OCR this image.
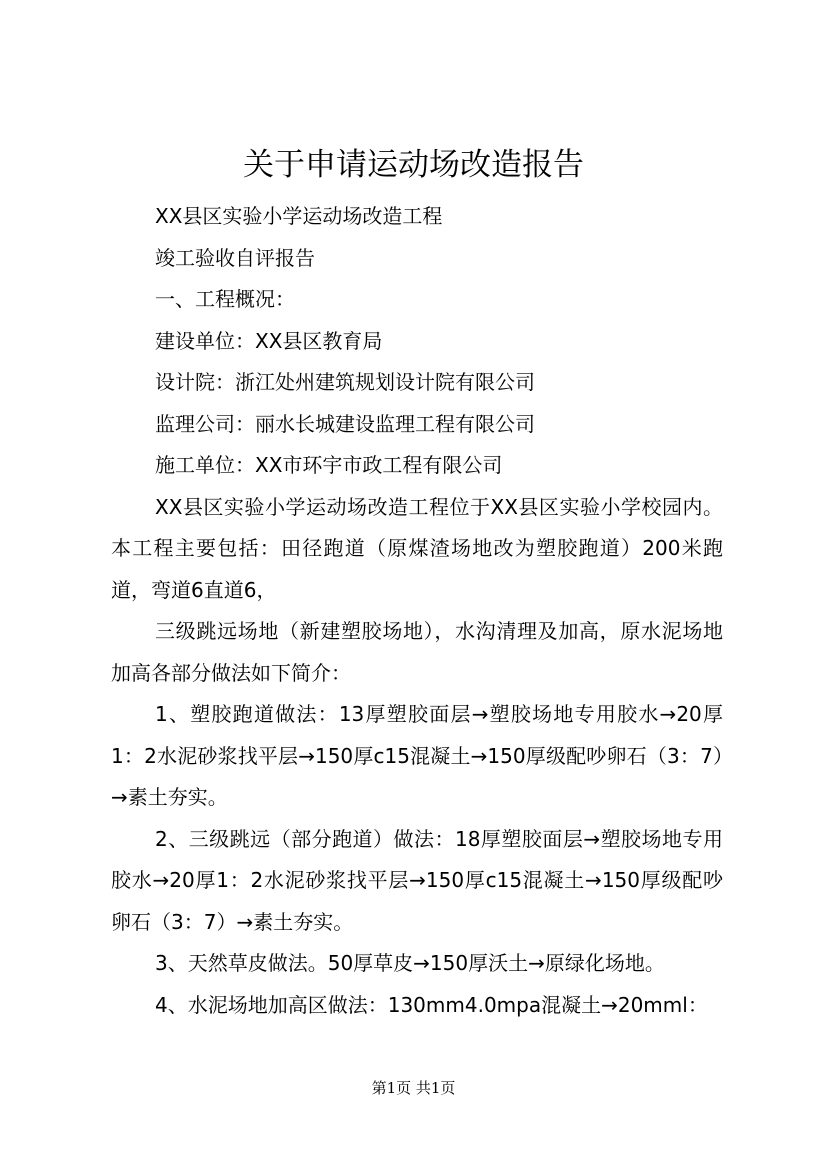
关于申请运动场改造报告

XX县区实验小学运动场改造工程

竣工验收自评报告

一、工程概况：

建设单位：XX县区教育局

设计院：浙江处州建筑规划设计院有限公司

监理公司：丽水长城建设监理工程有限公司

施工单位：XX市环宇市政工程有限公司

XX县区实验小学运动场改造工程位于XX县区实验小学校园内。本工程主要包括：田径跑道（原煤渣场地改为塑胶跑道）200米跑道，弯道6直道6，

三级跳远场地（新建塑胶场地），水沟清理及加高，原水泥场地加高各部分做法如下简介：

1、塑胶跑道做法：13厚塑胶面层→塑胶场地专用胶水→20厚1：2水泥砂浆找平层→150厚c15混凝土→150厚级配吵卵石（3：7）→素土夯实。

2、三级跳远（部分跑道）做法：18厚塑胶面层→塑胶场地专用胶水→20厚1：2水泥砂浆找平层→150厚c15混凝土→150厚级配吵卵石（3：7）→素土夯实。

3、天然草皮做法。50厚草皮→150厚沃土→原绿化场地。

4、水泥场地加高区做法：130mm4.0mpa混凝土→20mml：

第1页 共1页
